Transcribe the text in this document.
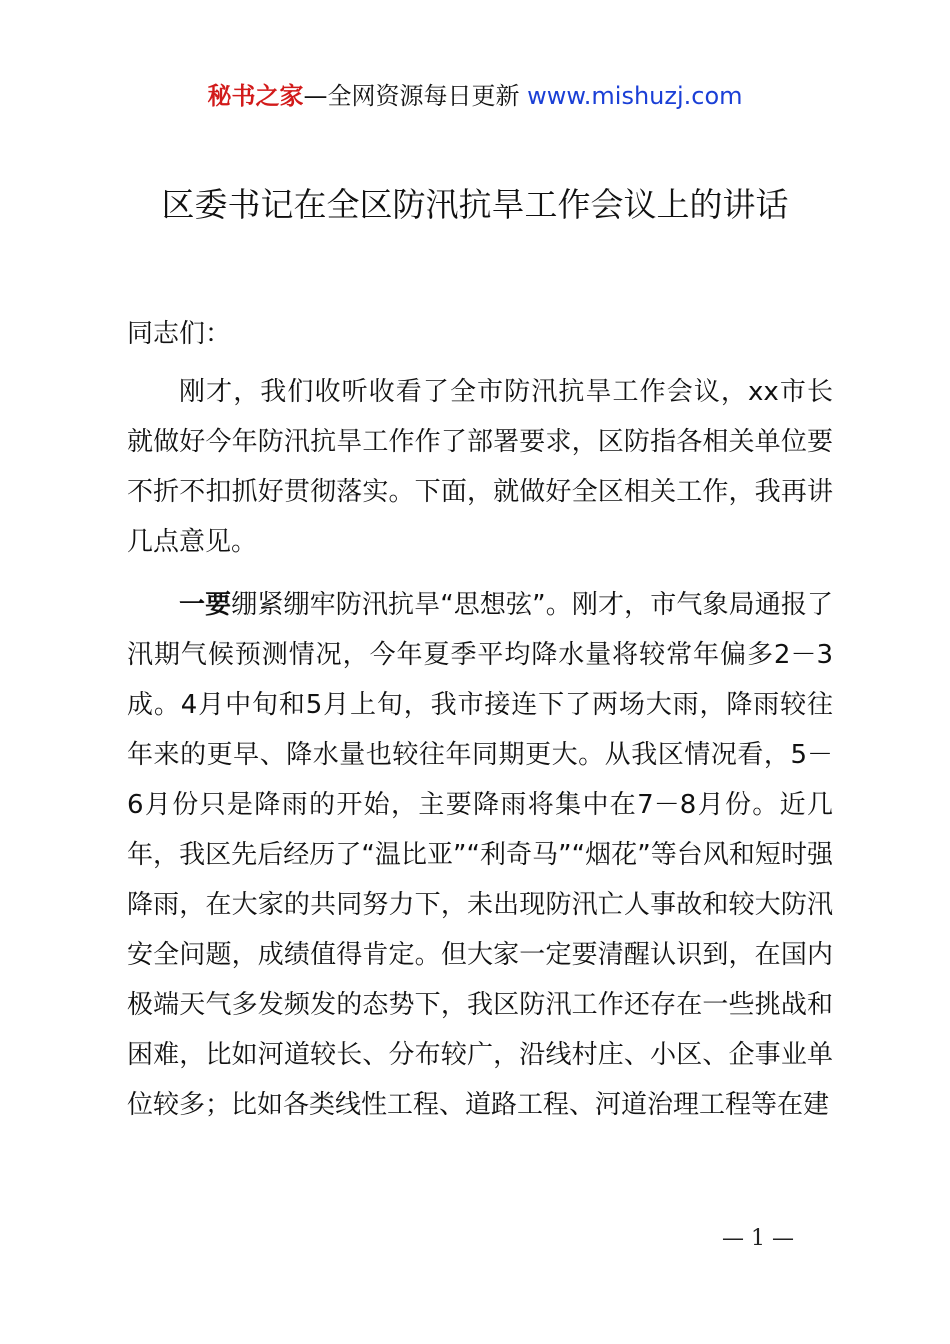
秘书之家—全网资源每日更新 www.mishuzj.com
区委书记在全区防汛抗旱工作会议上的讲话
同志们：

刚才，我们收听收看了全市防汛抗旱工作会议，xx市长就做好今年防汛抗旱工作作了部署要求，区防指各相关单位要不折不扣抓好贯彻落实。下面，就做好全区相关工作，我再讲几点意见。

一要绷紧绷牢防汛抗旱“思想弦”。刚才，市气象局通报了汛期气候预测情况，今年夏季平均降水量将较常年偏多2－3成。4月中旬和5月上旬，我市接连下了两场大雨，降雨较往年来的更早、降水量也较往年同期更大。从我区情况看，5－6月份只是降雨的开始，主要降雨将集中在7－8月份。近几年，我区先后经历了“温比亚”“利奇马”“烟花”等台风和短时强降雨，在大家的共同努力下，未出现防汛亡人事故和较大防汛安全问题，成绩值得肯定。但大家一定要清醒认识到，在国内极端天气多发频发的态势下，我区防汛工作还存在一些挑战和困难，比如河道较长、分布较广，沿线村庄、小区、企事业单位较多；比如各类线性工程、道路工程、河道治理工程等在建

— 1 —
